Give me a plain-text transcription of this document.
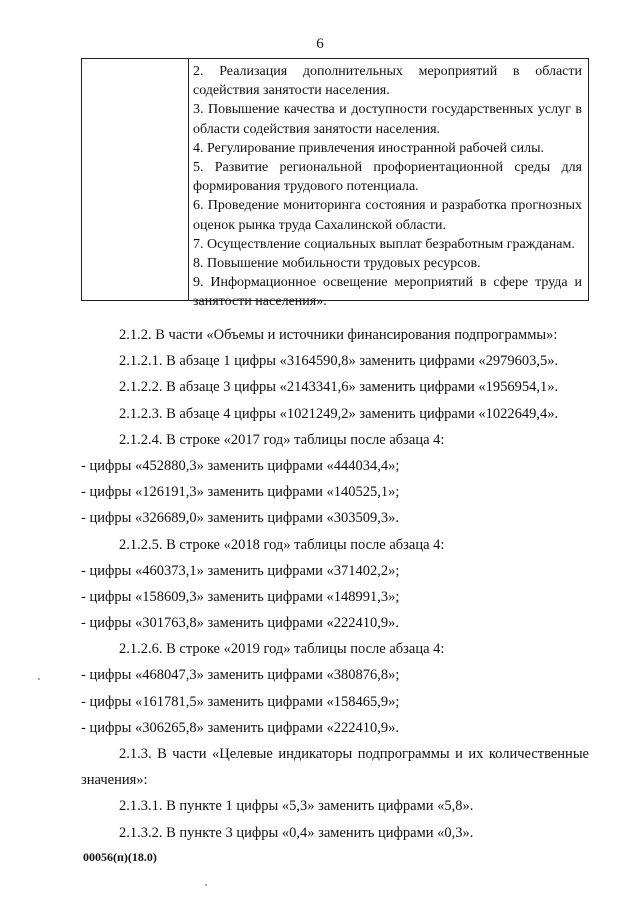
6

2. Реализация дополнительных мероприятий в области содействия занятости населения.

3. Повышение качества и доступности государственных услуг в области содействия занятости населения.

4. Регулирование привлечения иностранной рабочей силы.

5. Развитие региональной профориентационной среды для формирования трудового потенциала.

6. Проведение мониторинга состояния и разработка прогнозных оценок рынка труда Сахалинской области.

7. Осуществление социальных выплат безработным гражданам.

8. Повышение мобильности трудовых ресурсов.

9. Информационное освещение мероприятий в сфере труда и занятости населения».

2.1.2. В части «Объемы и источники финансирования подпрограммы»:
2.1.2.1. В абзаце 1 цифры «3164590,8» заменить цифрами «2979603,5».
2.1.2.2. В абзаце 3 цифры «2143341,6» заменить цифрами «1956954,1».
2.1.2.3. В абзаце 4 цифры «1021249,2» заменить цифрами «1022649,4».
2.1.2.4. В строке «2017 год» таблицы после абзаца 4:
- цифры «452880,3» заменить цифрами «444034,4»;
- цифры «126191,3» заменить цифрами «140525,1»;
- цифры «326689,0» заменить цифрами «303509,3».
2.1.2.5. В строке «2018 год» таблицы после абзаца 4:
- цифры «460373,1» заменить цифрами «371402,2»;
- цифры «158609,3» заменить цифрами «148991,3»;
- цифры «301763,8» заменить цифрами «222410,9».
2.1.2.6. В строке «2019 год» таблицы после абзаца 4:
- цифры «468047,3» заменить цифрами «380876,8»;
- цифры «161781,5» заменить цифрами «158465,9»;
- цифры «306265,8» заменить цифрами «222410,9».
2.1.3. В части «Целевые индикаторы подпрограммы и их количественные значения»:
2.1.3.1. В пункте 1 цифры «5,3» заменить цифрами «5,8».
2.1.3.2. В пункте 3 цифры «0,4» заменить цифрами «0,3».
00056(п)(18.0)
